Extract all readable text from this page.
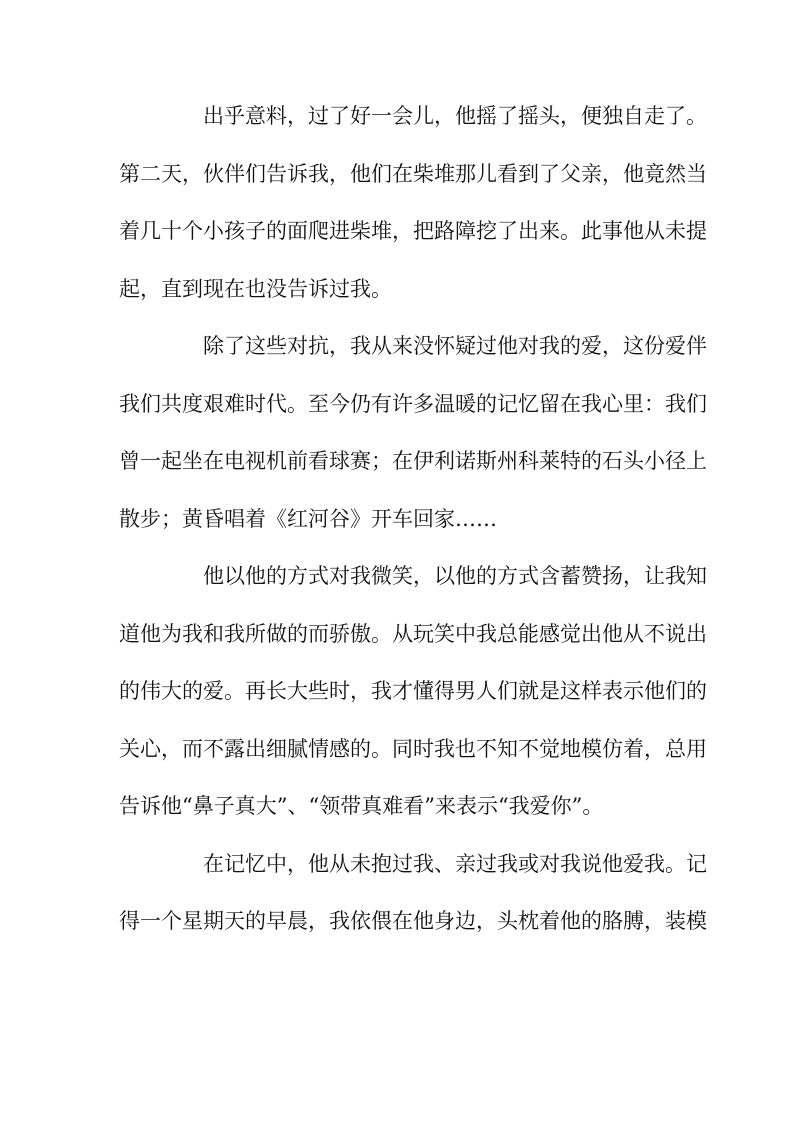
出乎意料，过了好一会儿，他摇了摇头，便独自走了。
第二天，伙伴们告诉我，他们在柴堆那儿看到了父亲，他竟然当
着几十个小孩子的面爬进柴堆，把路障挖了出来。此事他从未提
起，直到现在也没告诉过我。
除了这些对抗，我从来没怀疑过他对我的爱，这份爱伴
我们共度艰难时代。至今仍有许多温暖的记忆留在我心里：我们
曾一起坐在电视机前看球赛；在伊利诺斯州科莱特的石头小径上
散步；黄昏唱着《红河谷》开车回家……
他以他的方式对我微笑，以他的方式含蓄赞扬，让我知
道他为我和我所做的而骄傲。从玩笑中我总能感觉出他从不说出
的伟大的爱。再长大些时，我才懂得男人们就是这样表示他们的
关心，而不露出细腻情感的。同时我也不知不觉地模仿着，总用
告诉他“鼻子真大”、“领带真难看”来表示“我爱你”。
在记忆中，他从未抱过我、亲过我或对我说他爱我。记
得一个星期天的早晨，我依偎在他身边，头枕着他的胳膊，装模
